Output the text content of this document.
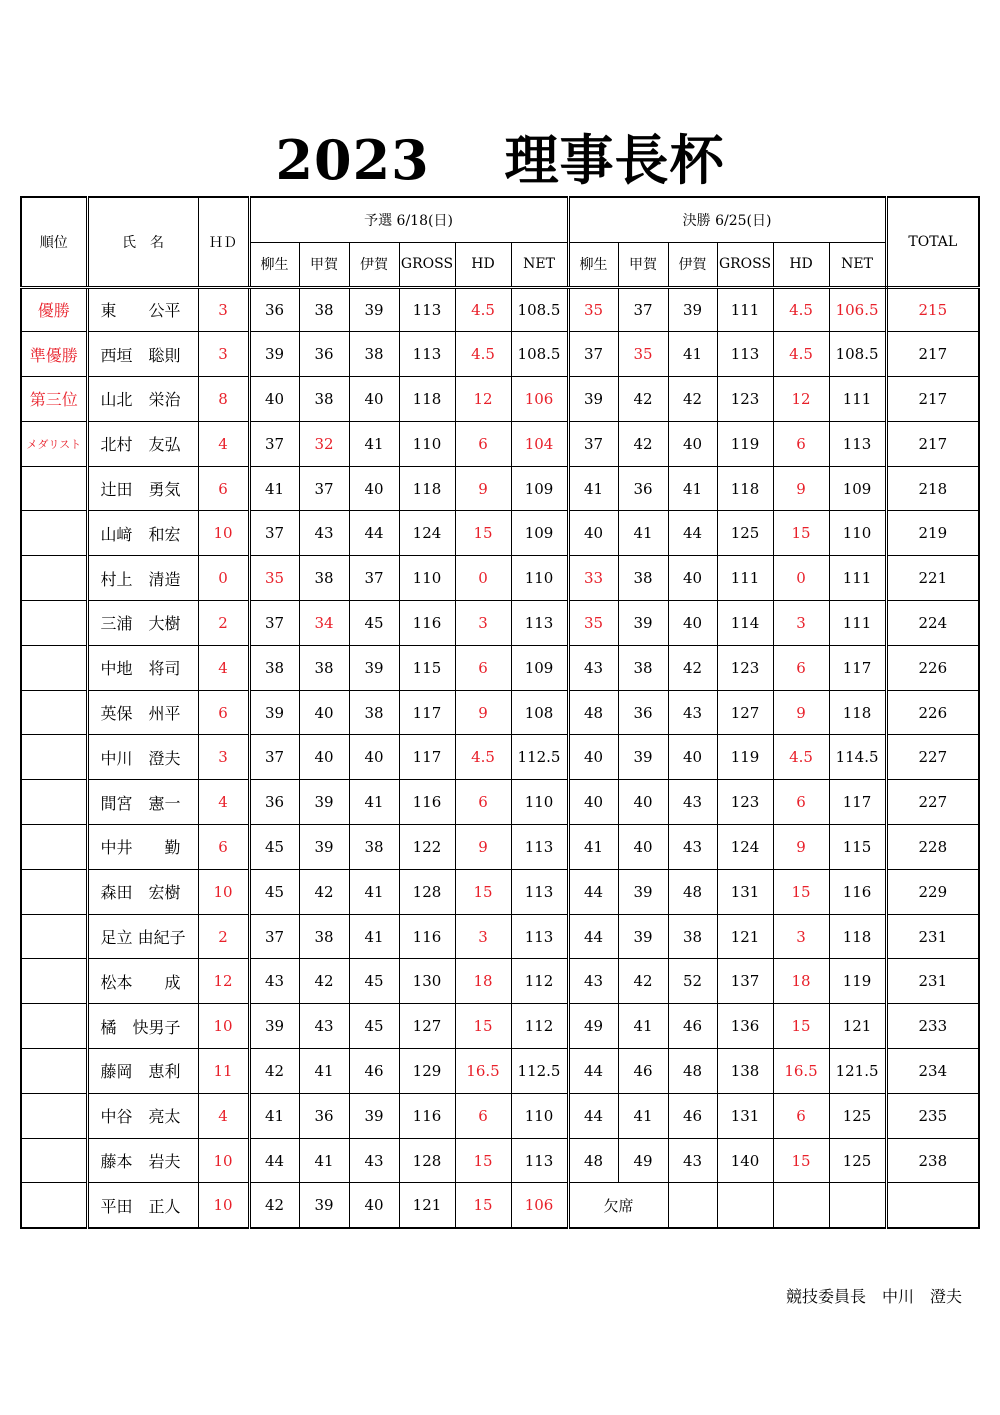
2023　 理事長杯
順位	氏　名	ＨＤ	予選 6/18(日)						決勝 6/25(日)						TOTAL
			柳生	甲賀	伊賀	GROSS	HD	NET	柳生	甲賀	伊賀	GROSS	HD	NET	
優勝	東　　公平	3	36	38	39	113	4.5	108.5	35	37	39	111	4.5	106.5	215
準優勝	西垣　聡則	3	39	36	38	113	4.5	108.5	37	35	41	113	4.5	108.5	217
第三位	山北　栄治	8	40	38	40	118	12	106	39	42	42	123	12	111	217
メダリスト	北村　友弘	4	37	32	41	110	6	104	37	42	40	119	6	113	217
	辻田　勇気	6	41	37	40	118	9	109	41	36	41	118	9	109	218
	山﨑　和宏	10	37	43	44	124	15	109	40	41	44	125	15	110	219
	村上　清造	0	35	38	37	110	0	110	33	38	40	111	0	111	221
	三浦　大樹	2	37	34	45	116	3	113	35	39	40	114	3	111	224
	中地　将司	4	38	38	39	115	6	109	43	38	42	123	6	117	226
	英保　州平	6	39	40	38	117	9	108	48	36	43	127	9	118	226
	中川　澄夫	3	37	40	40	117	4.5	112.5	40	39	40	119	4.5	114.5	227
	間宮　憲一	4	36	39	41	116	6	110	40	40	43	123	6	117	227
	中井　　勤	6	45	39	38	122	9	113	41	40	43	124	9	115	228
	森田　宏樹	10	45	42	41	128	15	113	44	39	48	131	15	116	229
	足立 由紀子	2	37	38	41	116	3	113	44	39	38	121	3	118	231
	松本　　成	12	43	42	45	130	18	112	43	42	52	137	18	119	231
	橘　快男子	10	39	43	45	127	15	112	49	41	46	136	15	121	233
	藤岡　恵利	11	42	41	46	129	16.5	112.5	44	46	48	138	16.5	121.5	234
	中谷　亮太	4	41	36	39	116	6	110	44	41	46	131	6	125	235
	藤本　岩夫	10	44	41	43	128	15	113	48	49	43	140	15	125	238
	平田　正人	10	42	39	40	121	15	106	欠席						
競技委員長　中川　澄夫
